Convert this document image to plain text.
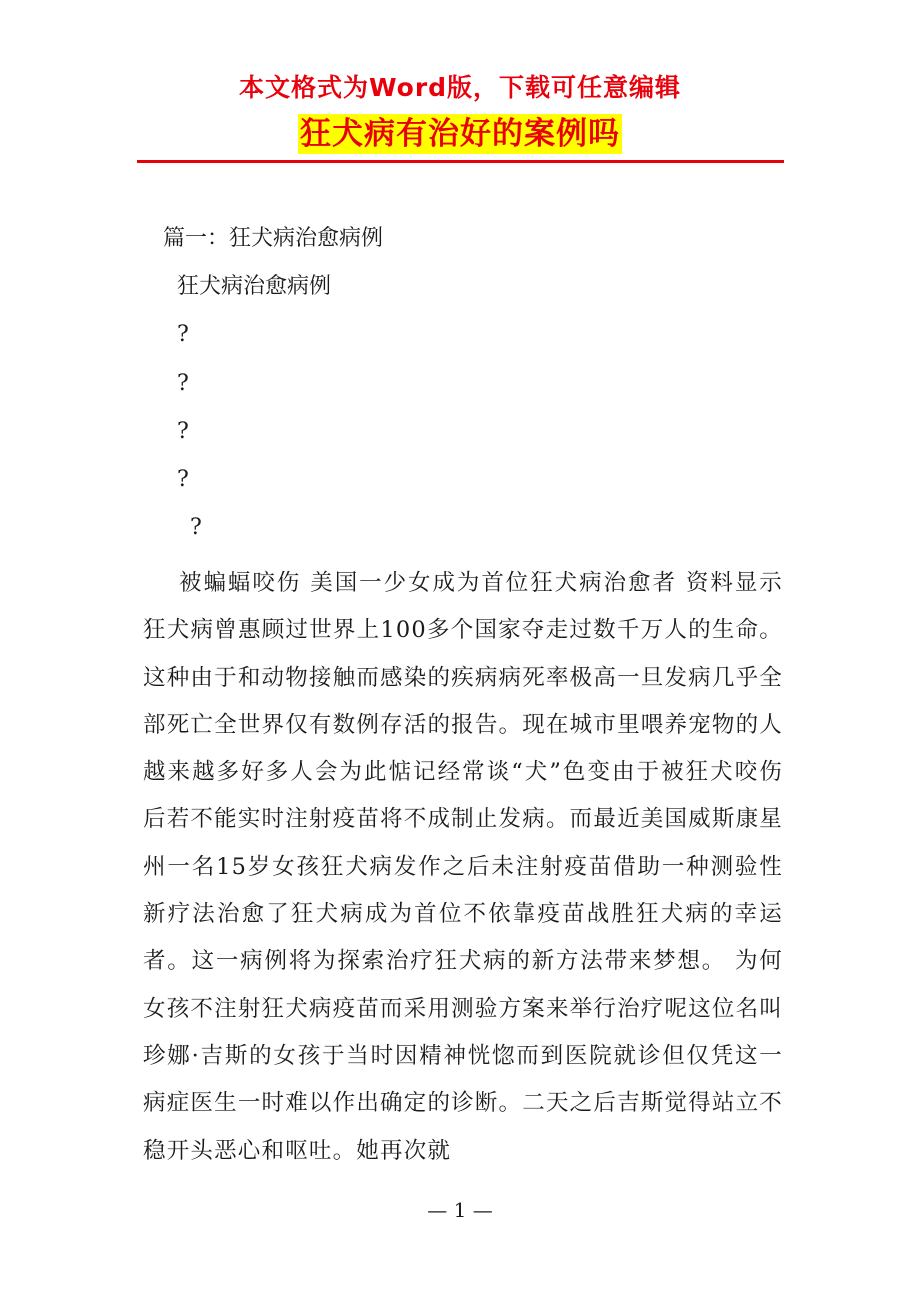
本文格式为Word版，下载可任意编辑
狂犬病有治好的案例吗
篇一：狂犬病治愈病例
狂犬病治愈病例
?
?
?
?
?
被蝙蝠咬伤 美国一少女成为首位狂犬病治愈者 资料显示狂犬病曾惠顾过世界上100多个国家夺走过数千万人的生命。这种由于和动物接触而感染的疾病病死率极高一旦发病几乎全部死亡全世界仅有数例存活的报告。现在城市里喂养宠物的人越来越多好多人会为此惦记经常谈“犬”色变由于被狂犬咬伤后若不能实时注射疫苗将不成制止发病。而最近美国威斯康星州一名15岁女孩狂犬病发作之后未注射疫苗借助一种测验性新疗法治愈了狂犬病成为首位不依靠疫苗战胜狂犬病的幸运者。这一病例将为探索治疗狂犬病的新方法带来梦想。 为何女孩不注射狂犬病疫苗而采用测验方案来举行治疗呢这位名叫珍娜·吉斯的女孩于当时因精神恍惚而到医院就诊但仅凭这一病症医生一时难以作出确定的诊断。二天之后吉斯觉得站立不稳开头恶心和呕吐。她再次就
— 1 —
